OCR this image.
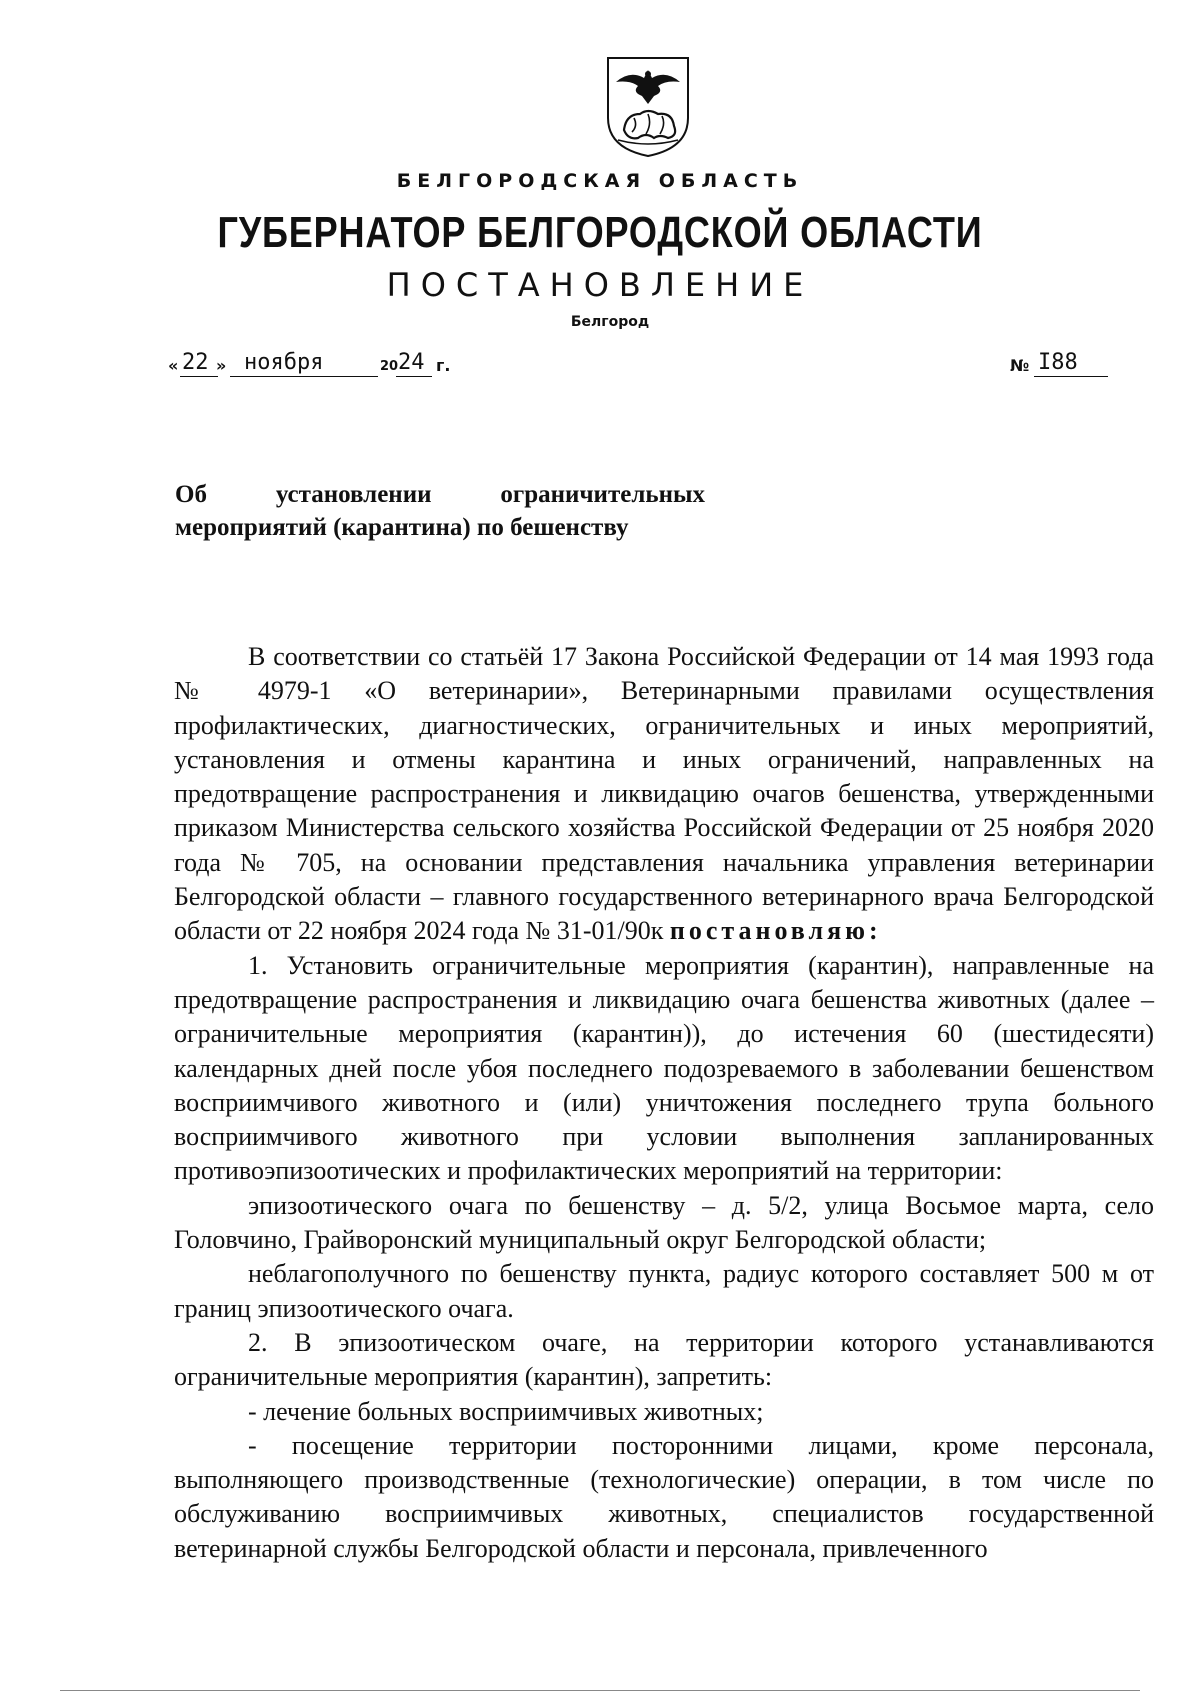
БЕЛГОРОДСКАЯ ОБЛАСТЬ
ГУБЕРНАТОР БЕЛГОРОДСКОЙ ОБЛАСТИ
ПОСТАНОВЛЕНИЕ
Белгород
« 22 » ноября	20 24 г.	№ I88
Об	установлении	ограничительных
мероприятий (карантина) по бешенству

В соответствии со статьёй 17 Закона Российской Федерации от 14 мая 1993 года № 4979-1 «О ветеринарии», Ветеринарными правилами осуществления профилактических, диагностических, ограничительных и иных мероприятий, установления и отмены карантина и иных ограничений, направленных на предотвращение распространения и ликвидацию очагов бешенства, утвержденными приказом Министерства сельского хозяйства Российской Федерации от 25 ноября 2020 года № 705, на основании представления начальника управления ветеринарии Белгородской области – главного государственного ветеринарного врача Белгородской области от 22 ноября 2024 года № 31-01/90к постановляю:

1. Установить ограничительные мероприятия (карантин), направленные на предотвращение распространения и ликвидацию очага бешенства животных (далее – ограничительные мероприятия (карантин)), до истечения 60 (шестидесяти) календарных дней после убоя последнего подозреваемого в заболевании бешенством восприимчивого животного и (или) уничтожения последнего трупа больного восприимчивого животного при условии выполнения запланированных противоэпизоотических и профилактических мероприятий на территории:

эпизоотического очага по бешенству – д. 5/2, улица Восьмое марта, село Головчино, Грайворонский муниципальный округ Белгородской области;

неблагополучного по бешенству пункта, радиус которого составляет 500 м от границ эпизоотического очага.

2. В эпизоотическом очаге, на территории которого устанавливаются ограничительные мероприятия (карантин), запретить:

- лечение больных восприимчивых животных;

- посещение территории посторонними лицами, кроме персонала, выполняющего производственные (технологические) операции, в том числе по обслуживанию восприимчивых животных, специалистов государственной ветеринарной службы Белгородской области и персонала, привлеченного
